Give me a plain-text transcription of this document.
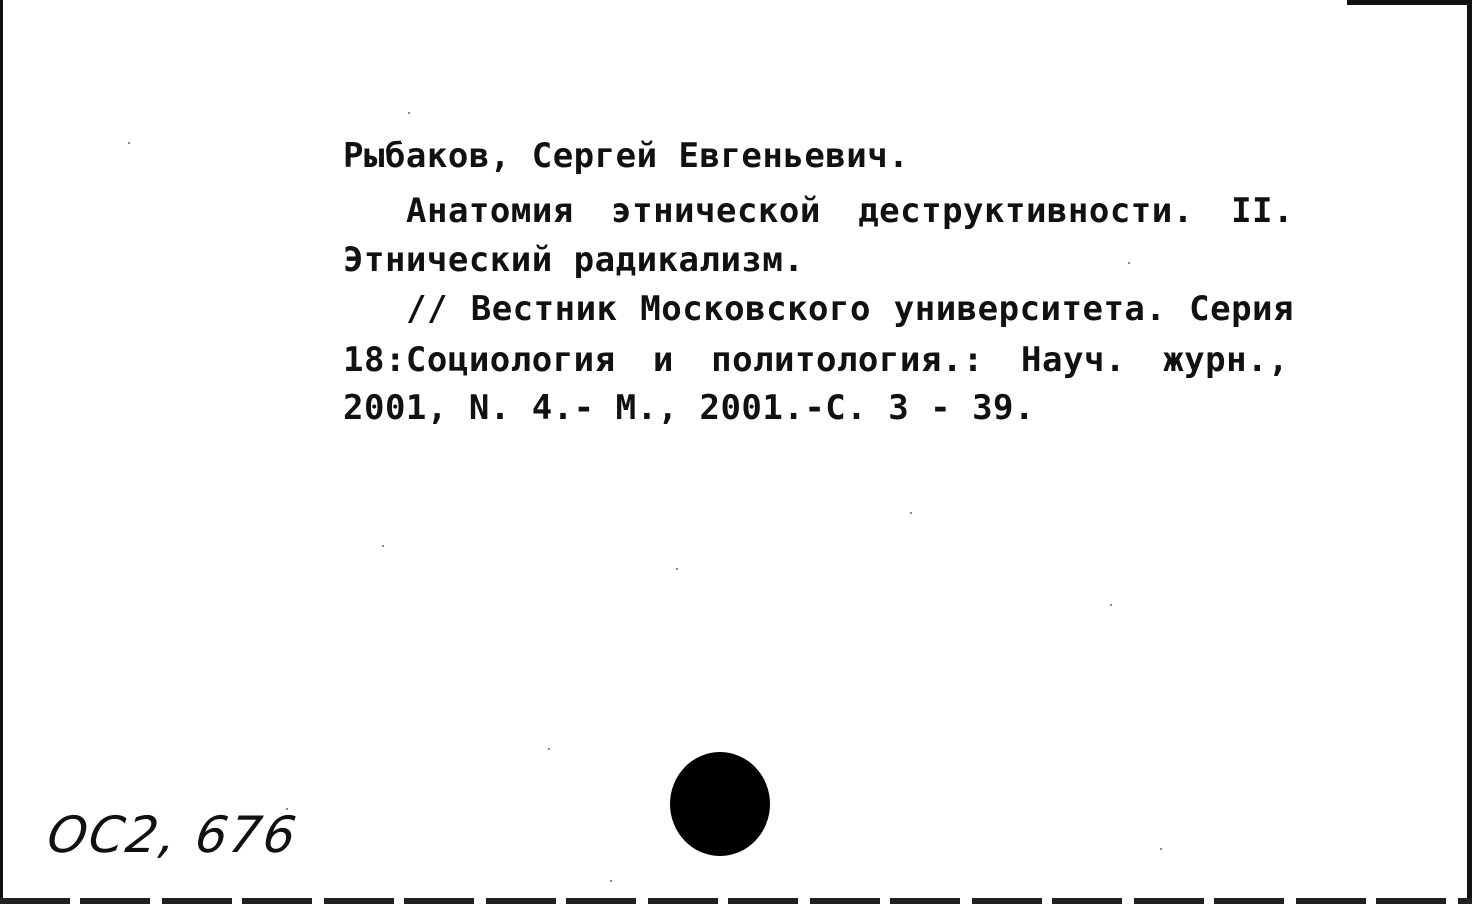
Рыбаков, Сергей Евгеньевич.
Анатомия этнической деструктивности. II.
Этнический радикализм.
// Вестник Московского университета. Серия
18:Социология и политология.: Науч. журн.,
2001, N. 4.- М., 2001.-С. 3 - 39.
ОС2, 676
